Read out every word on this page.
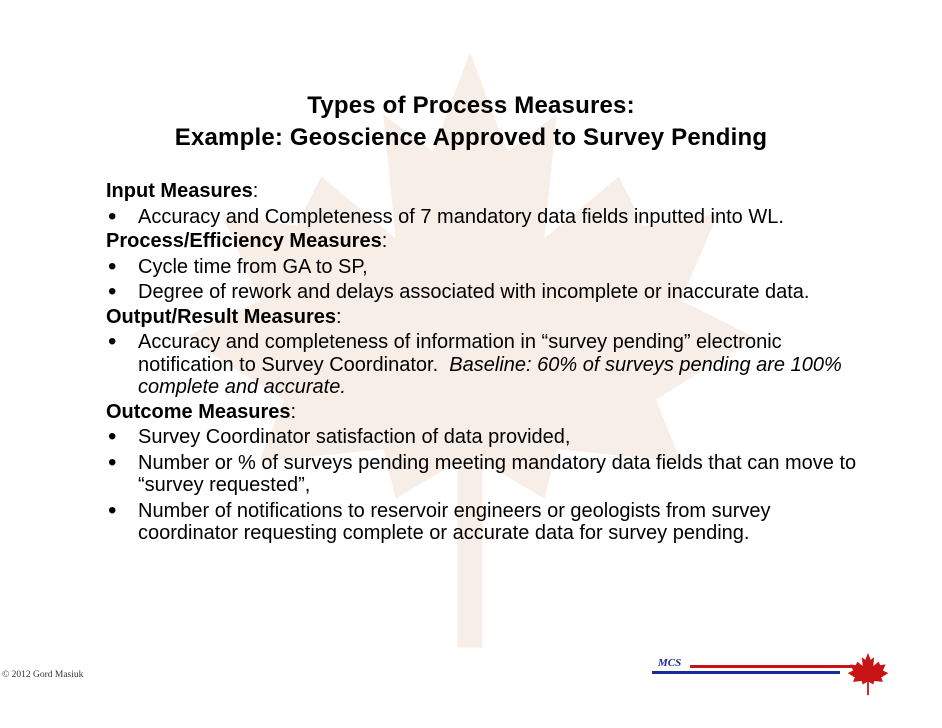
Types of Process Measures:
Example: Geoscience Approved to Survey Pending
Input Measures:
• Accuracy and Completeness of 7 mandatory data fields inputted into WL.
Process/Efficiency Measures:
• Cycle time from GA to SP,
• Degree of rework and delays associated with incomplete or inaccurate data.
Output/Result Measures:
• Accuracy and completeness of information in “survey pending” electronic notification to Survey Coordinator. Baseline: 60% of surveys pending are 100% complete and accurate.
Outcome Measures:
• Survey Coordinator satisfaction of data provided,
• Number or % of surveys pending meeting mandatory data fields that can move to “survey requested”,
• Number of notifications to reservoir engineers or geologists from survey coordinator requesting complete or accurate data for survey pending.
© 2012 Gord Masiuk
MCS
